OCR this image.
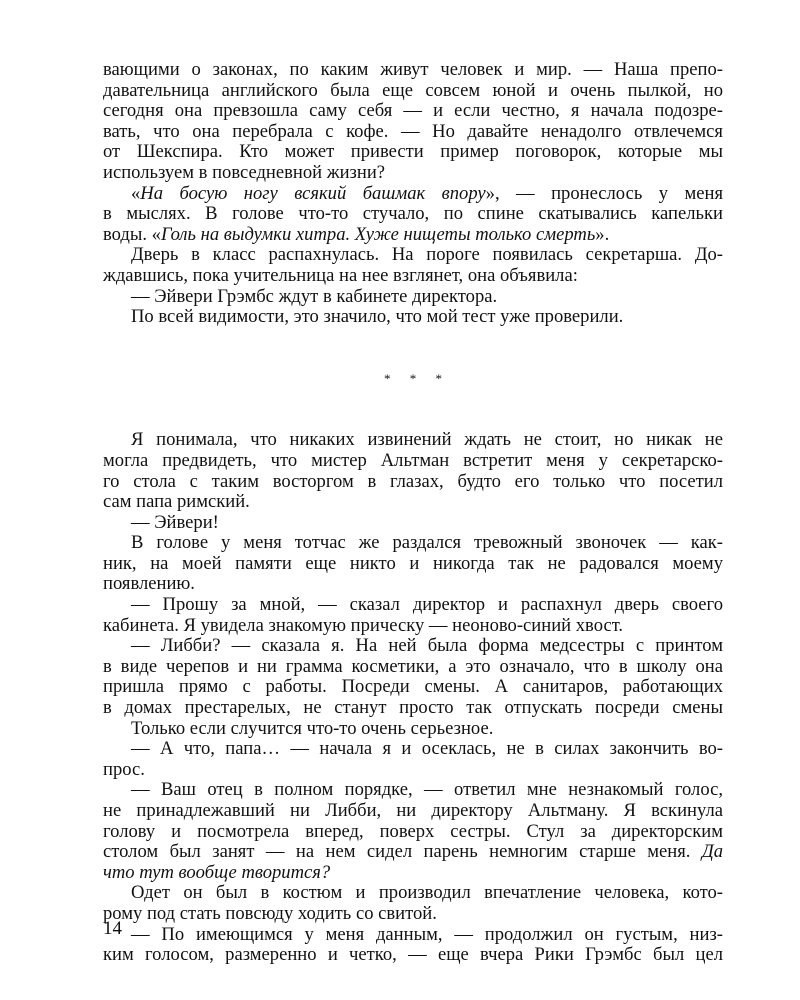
вающими о законах, по каким живут человек и мир. — Наша препо-
давательница английского была еще совсем юной и очень пылкой, но
сегодня она превзошла саму себя — и если честно, я начала подозре-
вать, что она перебрала с кофе. — Но давайте ненадолго отвлечемся
от Шекспира. Кто может привести пример поговорок, которые мы
используем в повседневной жизни?
«На босую ногу всякий башмак впору», — пронеслось у меня
в мыслях. В голове что-то стучало, по спине скатывались капельки
воды. «Голь на выдумки хитра. Хуже нищеты только смерть».
Дверь в класс распахнулась. На пороге появилась секретарша. До-
ждавшись, пока учительница на нее взглянет, она объявила:
— Эйвери Грэмбс ждут в кабинете директора.
По всей видимости, это значило, что мой тест уже проверили.
* * *
Я понимала, что никаких извинений ждать не стоит, но никак не
могла предвидеть, что мистер Альтман встретит меня у секретарско-
го стола с таким восторгом в глазах, будто его только что посетил
сам папа римский.
— Эйвери!
В голове у меня тотчас же раздался тревожный звоночек — как-
ник, на моей памяти еще никто и никогда так не радовался моему
появлению.
— Прошу за мной, — сказал директор и распахнул дверь своего
кабинета. Я увидела знакомую прическу — неоново-синий хвост.
— Либби? — сказала я. На ней была форма медсестры с принтом
в виде черепов и ни грамма косметики, а это означало, что в школу она
пришла прямо с работы. Посреди смены. А санитаров, работающих
в домах престарелых, не станут просто так отпускать посреди смены
Только если случится что-то очень серьезное.
— А что, папа… — начала я и осеклась, не в силах закончить во-
прос.
— Ваш отец в полном порядке, — ответил мне незнакомый голос,
не принадлежавший ни Либби, ни директору Альтману. Я вскинула
голову и посмотрела вперед, поверх сестры. Стул за директорским
столом был занят — на нем сидел парень немногим старше меня. Да
что тут вообще творится?
Одет он был в костюм и производил впечатление человека, кото-
рому под стать повсюду ходить со свитой.
— По имеющимся у меня данным, — продолжил он густым, низ-
ким голосом, размеренно и четко, — еще вчера Рики Грэмбс был цел
14
